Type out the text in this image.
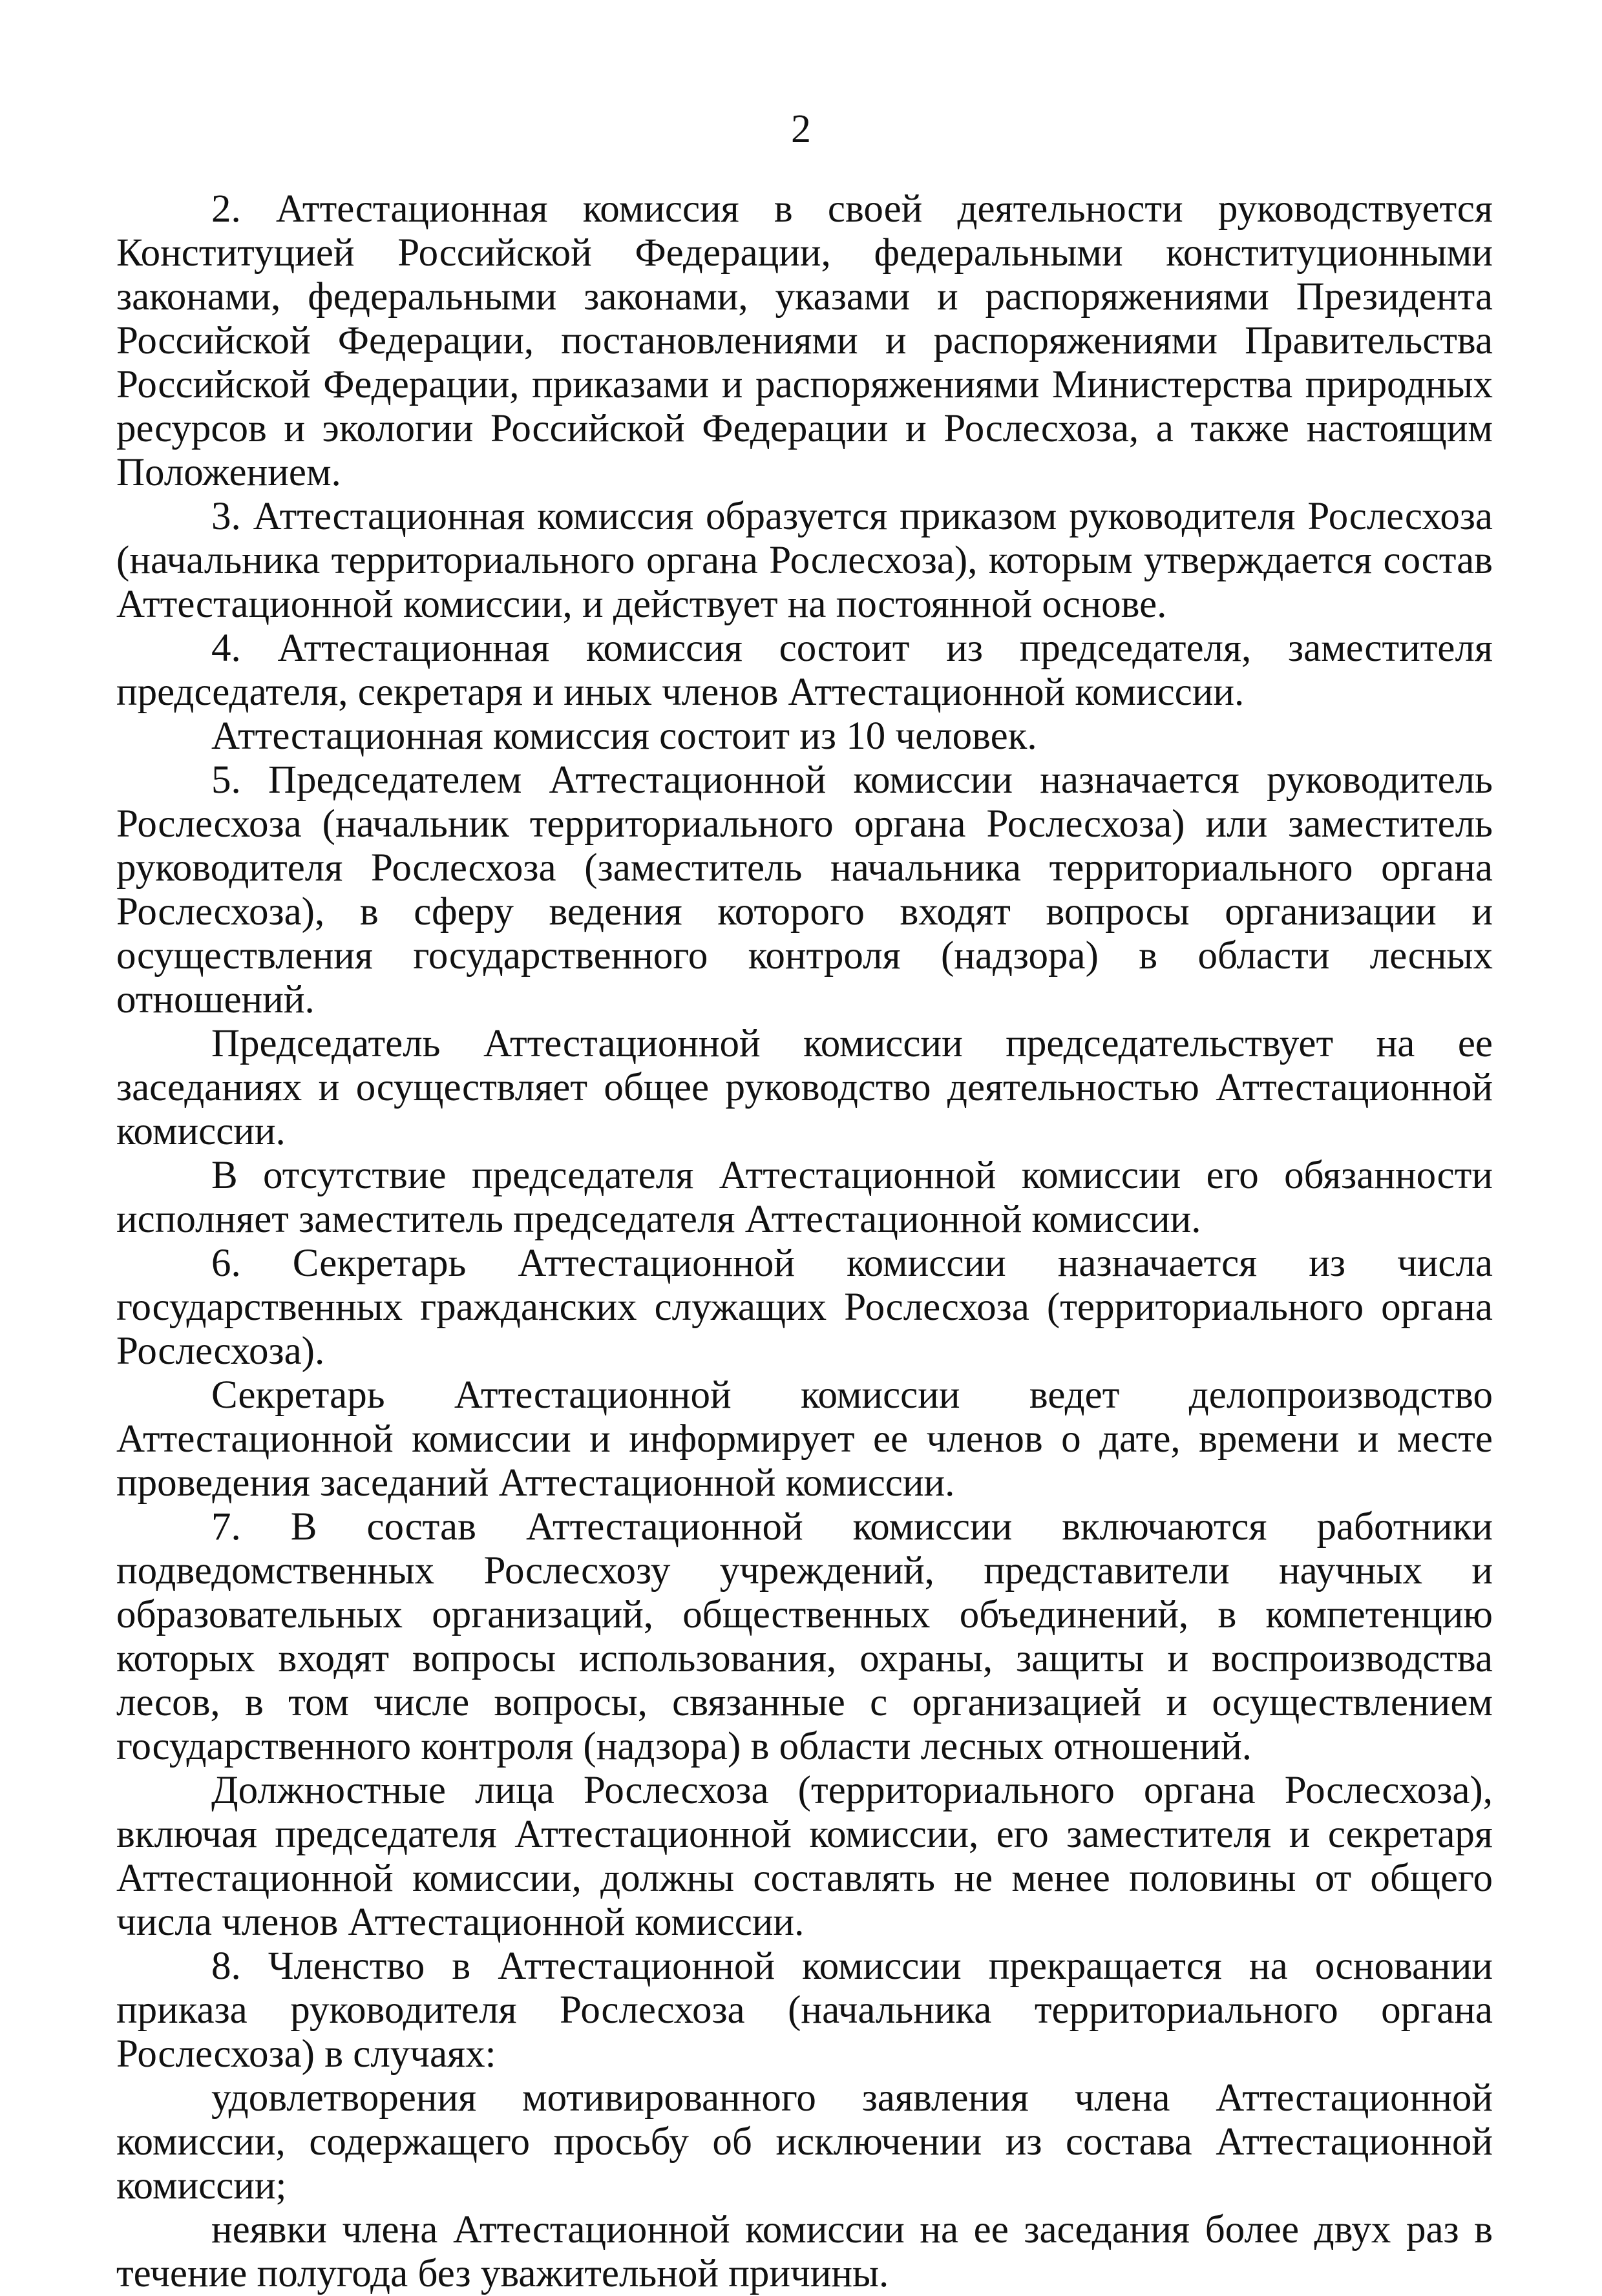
2

2. Аттестационная комиссия в своей деятельности руководствуется Конституцией Российской Федерации, федеральными конституционными законами, федеральными законами, указами и распоряжениями Президента Российской Федерации, постановлениями и распоряжениями Правительства Российской Федерации, приказами и распоряжениями Министерства природных ресурсов и экологии Российской Федерации и Рослесхоза, а также настоящим Положением.

3. Аттестационная комиссия образуется приказом руководителя Рослесхоза (начальника территориального органа Рослесхоза), которым утверждается состав Аттестационной комиссии, и действует на постоянной основе.

4. Аттестационная комиссия состоит из председателя, заместителя председателя, секретаря и иных членов Аттестационной комиссии.

Аттестационная комиссия состоит из 10 человек.

5. Председателем Аттестационной комиссии назначается руководитель Рослесхоза (начальник территориального органа Рослесхоза) или заместитель руководителя Рослесхоза (заместитель начальника территориального органа Рослесхоза), в сферу ведения которого входят вопросы организации и осуществления государственного контроля (надзора) в области лесных отношений.

Председатель Аттестационной комиссии председательствует на ее заседаниях и осуществляет общее руководство деятельностью Аттестационной комиссии.

В отсутствие председателя Аттестационной комиссии его обязанности исполняет заместитель председателя Аттестационной комиссии.

6. Секретарь Аттестационной комиссии назначается из числа государственных гражданских служащих Рослесхоза (территориального органа Рослесхоза).

Секретарь Аттестационной комиссии ведет делопроизводство Аттестационной комиссии и информирует ее членов о дате, времени и месте проведения заседаний Аттестационной комиссии.

7. В состав Аттестационной комиссии включаются работники подведомственных Рослесхозу учреждений, представители научных и образовательных организаций, общественных объединений, в компетенцию которых входят вопросы использования, охраны, защиты и воспроизводства лесов, в том числе вопросы, связанные с организацией и осуществлением государственного контроля (надзора) в области лесных отношений.

Должностные лица Рослесхоза (территориального органа Рослесхоза), включая председателя Аттестационной комиссии, его заместителя и секретаря Аттестационной комиссии, должны составлять не менее половины от общего числа членов Аттестационной комиссии.

8. Членство в Аттестационной комиссии прекращается на основании приказа руководителя Рослесхоза (начальника территориального органа Рослесхоза) в случаях:

удовлетворения мотивированного заявления члена Аттестационной комиссии, содержащего просьбу об исключении из состава Аттестационной комиссии;

неявки члена Аттестационной комиссии на ее заседания более двух раз в течение полугода без уважительной причины.
